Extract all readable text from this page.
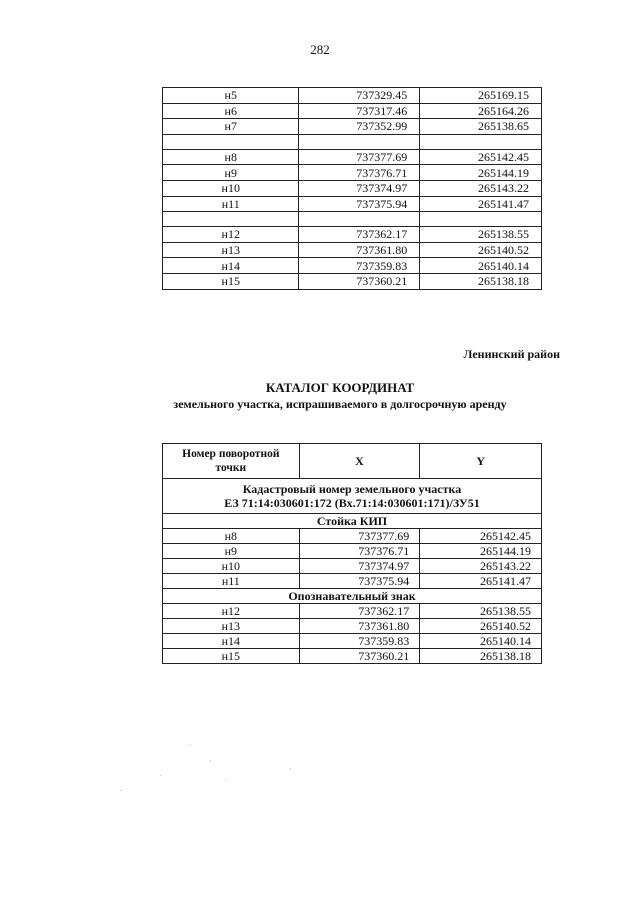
282
н5	737329.45	265169.15
н6	737317.46	265164.26
н7	737352.99	265138.65

н8	737377.69	265142.45
н9	737376.71	265144.19
н10	737374.97	265143.22
н11	737375.94	265141.47

н12	737362.17	265138.55
н13	737361.80	265140.52
н14	737359.83	265140.14
н15	737360.21	265138.18
Ленинский район
КАТАЛОГ КООРДИНАТ
земельного участка, испрашиваемого в долгосрочную аренду
Номер поворотной точки	X	Y

Кадастровый номер земельного участка
ЕЗ 71:14:030601:172 (Вх.71:14:030601:171)/ЗУ51		

Стойка КИП		
н8	737377.69	265142.45
н9	737376.71	265144.19
н10	737374.97	265143.22
н11	737375.94	265141.47
Опознавательный знак		
н12	737362.17	265138.55
н13	737361.80	265140.52
н14	737359.83	265140.14
н15	737360.21	265138.18
